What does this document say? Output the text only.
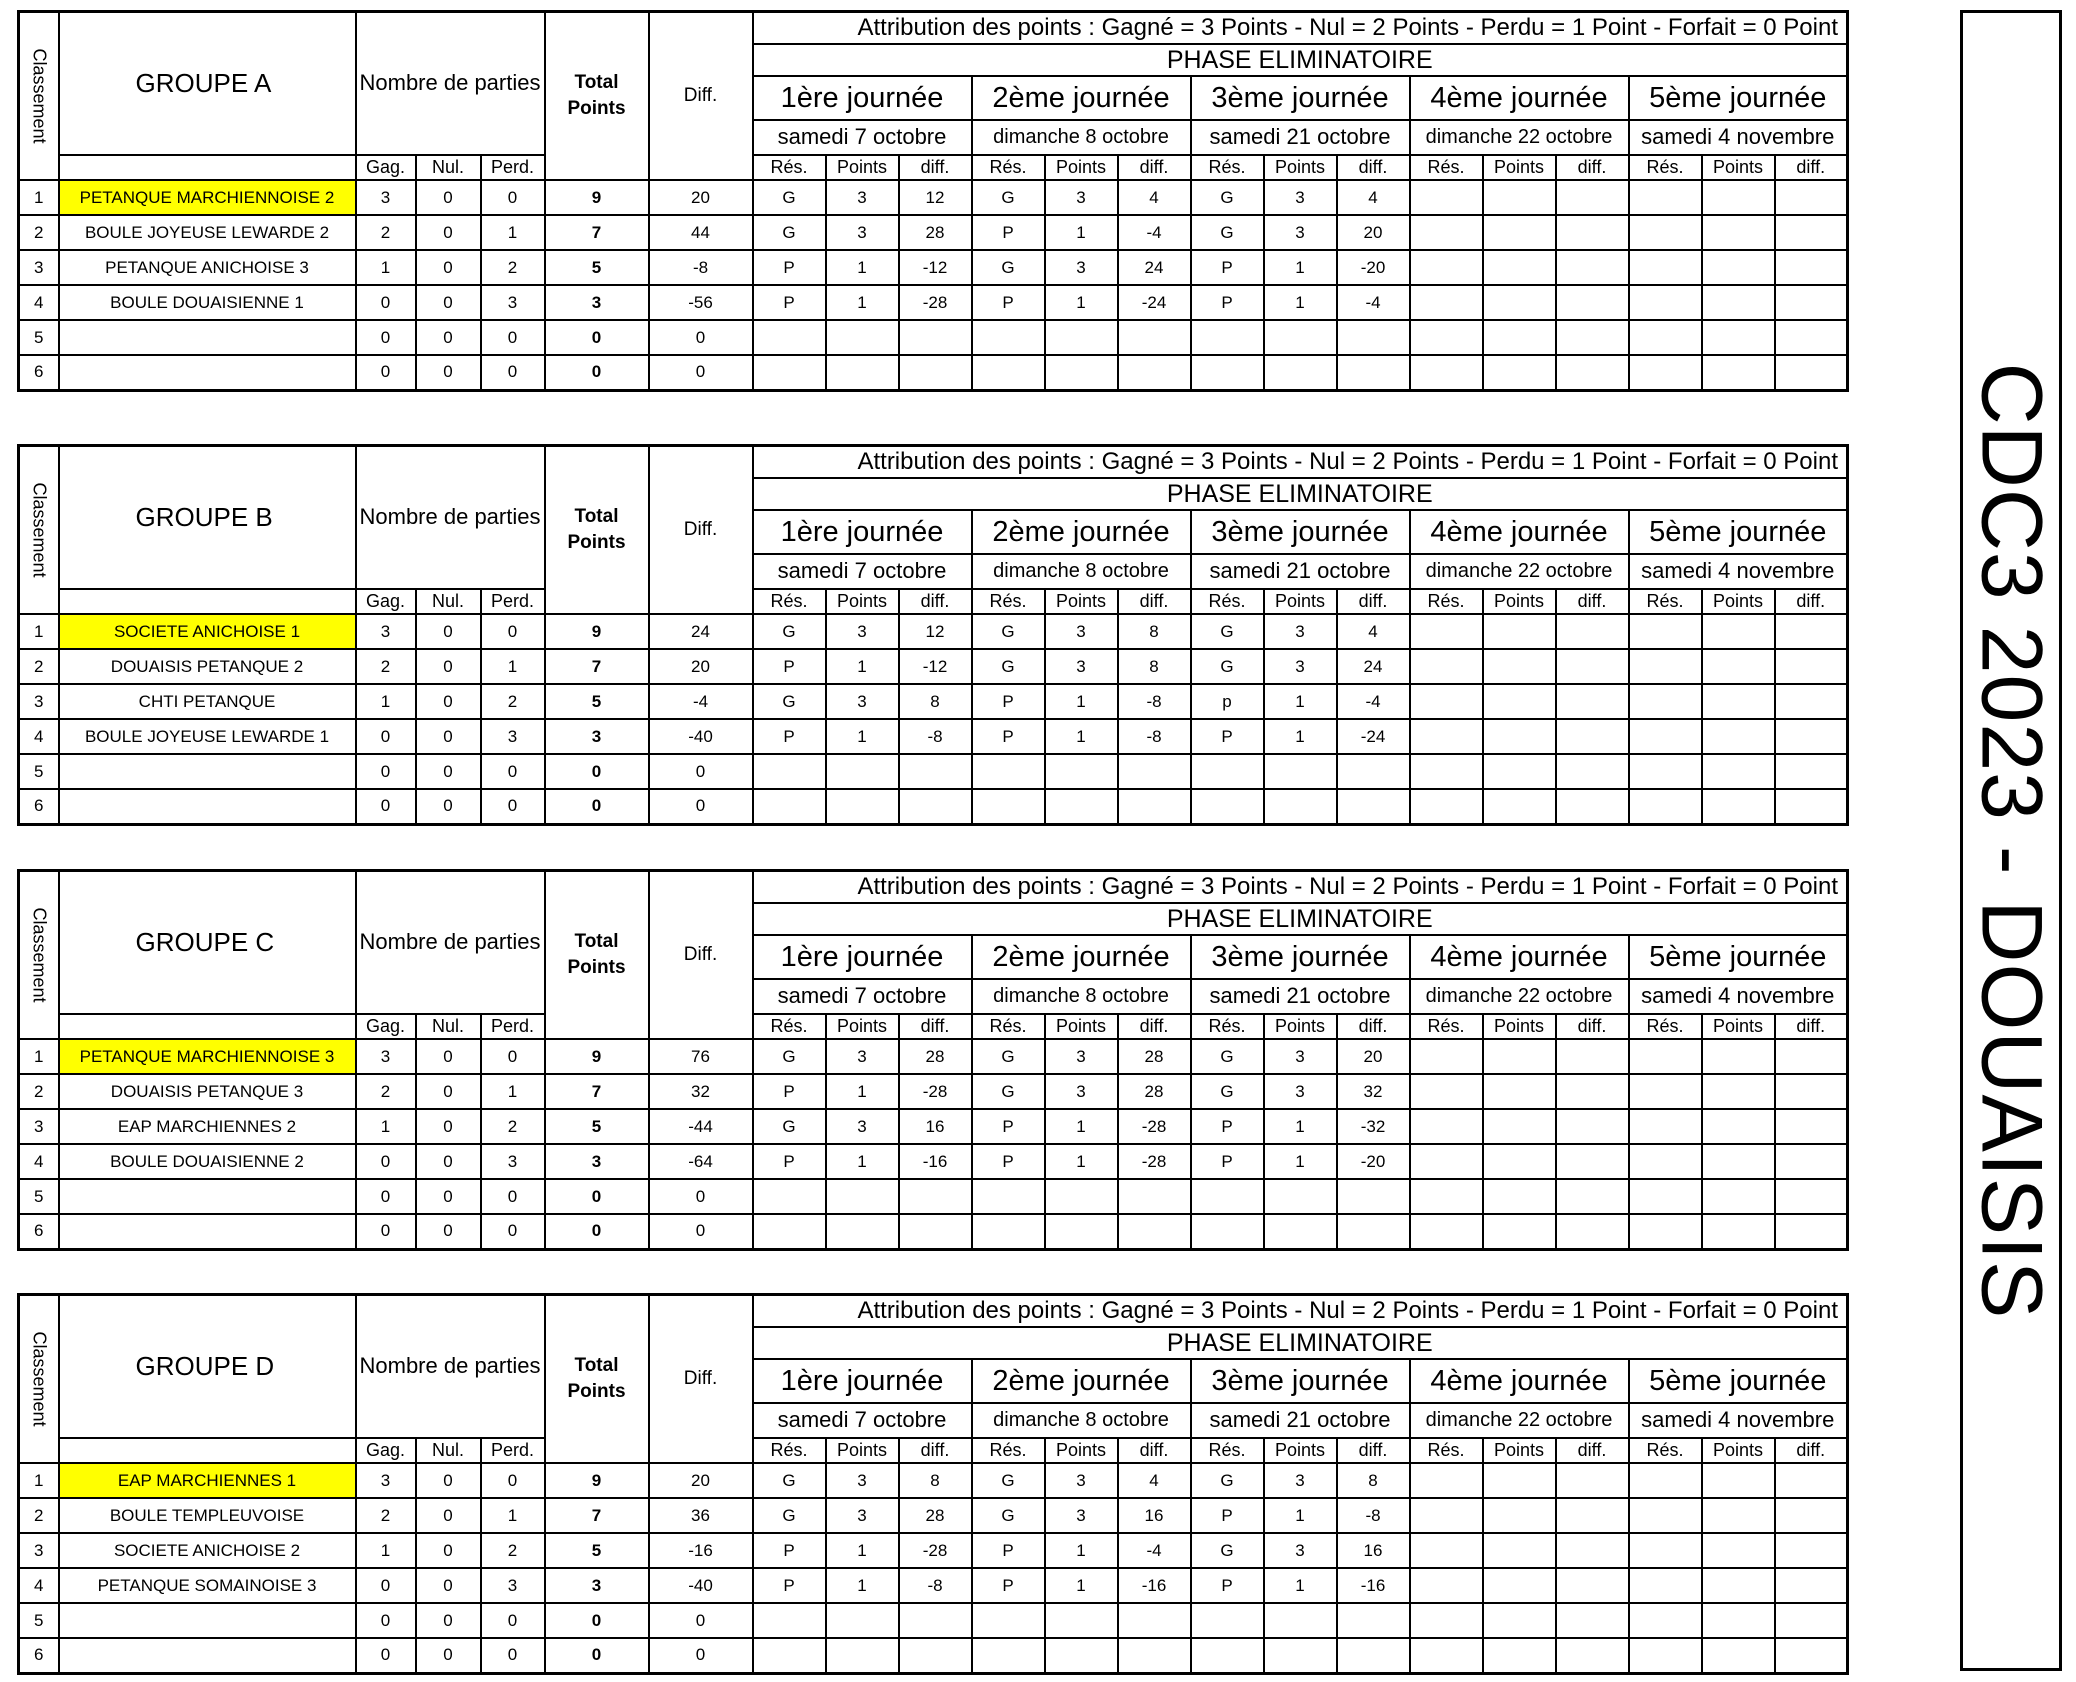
Classement	GROUPE A	Nombre de parties			Total Points	Diff.	Attribution des points : Gagné = 3 Points - Nul = 2 Points - Perdu = 1 Point - Forfait = 0 Point														
							PHASE ELIMINATOIRE														
							1ère journée			2ème journée			3ème journée			4ème journée			5ème journée		
							samedi 7 octobre			dimanche 8 octobre			samedi 21 octobre			dimanche 22 octobre			samedi 4 novembre		
		Gag.	Nul.	Perd.			Rés.	Points	diff.	Rés.	Points	diff.	Rés.	Points	diff.	Rés.	Points	diff.	Rés.	Points	diff.
1	PETANQUE MARCHIENNOISE 2	3	0	0	9	20	G	3	12	G	3	4	G	3	4						
2	BOULE JOYEUSE LEWARDE 2	2	0	1	7	44	G	3	28	P	1	-4	G	3	20						
3	PETANQUE ANICHOISE 3	1	0	2	5	-8	P	1	-12	G	3	24	P	1	-20						
4	BOULE DOUAISIENNE 1	0	0	3	3	-56	P	1	-28	P	1	-24	P	1	-4						
5		0	0	0	0	0															
6		0	0	0	0	0															
Classement	GROUPE B	Nombre de parties			Total Points	Diff.	Attribution des points : Gagné = 3 Points - Nul = 2 Points - Perdu = 1 Point - Forfait = 0 Point														
							PHASE ELIMINATOIRE														
							1ère journée			2ème journée			3ème journée			4ème journée			5ème journée		
							samedi 7 octobre			dimanche 8 octobre			samedi 21 octobre			dimanche 22 octobre			samedi 4 novembre		
		Gag.	Nul.	Perd.			Rés.	Points	diff.	Rés.	Points	diff.	Rés.	Points	diff.	Rés.	Points	diff.	Rés.	Points	diff.
1	SOCIETE ANICHOISE 1	3	0	0	9	24	G	3	12	G	3	8	G	3	4						
2	DOUAISIS PETANQUE 2	2	0	1	7	20	P	1	-12	G	3	8	G	3	24						
3	CHTI PETANQUE	1	0	2	5	-4	G	3	8	P	1	-8	p	1	-4						
4	BOULE JOYEUSE LEWARDE 1	0	0	3	3	-40	P	1	-8	P	1	-8	P	1	-24						
5		0	0	0	0	0															
6		0	0	0	0	0															
Classement	GROUPE C	Nombre de parties			Total Points	Diff.	Attribution des points : Gagné = 3 Points - Nul = 2 Points - Perdu = 1 Point - Forfait = 0 Point														
							PHASE ELIMINATOIRE														
							1ère journée			2ème journée			3ème journée			4ème journée			5ème journée		
							samedi 7 octobre			dimanche 8 octobre			samedi 21 octobre			dimanche 22 octobre			samedi 4 novembre		
		Gag.	Nul.	Perd.			Rés.	Points	diff.	Rés.	Points	diff.	Rés.	Points	diff.	Rés.	Points	diff.	Rés.	Points	diff.
1	PETANQUE MARCHIENNOISE 3	3	0	0	9	76	G	3	28	G	3	28	G	3	20						
2	DOUAISIS PETANQUE 3	2	0	1	7	32	P	1	-28	G	3	28	G	3	32						
3	EAP MARCHIENNES 2	1	0	2	5	-44	G	3	16	P	1	-28	P	1	-32						
4	BOULE DOUAISIENNE 2	0	0	3	3	-64	P	1	-16	P	1	-28	P	1	-20						
5		0	0	0	0	0															
6		0	0	0	0	0															
Classement	GROUPE D	Nombre de parties			Total Points	Diff.	Attribution des points : Gagné = 3 Points - Nul = 2 Points - Perdu = 1 Point - Forfait = 0 Point														
							PHASE ELIMINATOIRE														
							1ère journée			2ème journée			3ème journée			4ème journée			5ème journée		
							samedi 7 octobre			dimanche 8 octobre			samedi 21 octobre			dimanche 22 octobre			samedi 4 novembre		
		Gag.	Nul.	Perd.			Rés.	Points	diff.	Rés.	Points	diff.	Rés.	Points	diff.	Rés.	Points	diff.	Rés.	Points	diff.
1	EAP MARCHIENNES 1	3	0	0	9	20	G	3	8	G	3	4	G	3	8						
2	BOULE TEMPLEUVOISE	2	0	1	7	36	G	3	28	G	3	16	P	1	-8						
3	SOCIETE ANICHOISE 2	1	0	2	5	-16	P	1	-28	P	1	-4	G	3	16						
4	PETANQUE SOMAINOISE 3	0	0	3	3	-40	P	1	-8	P	1	-16	P	1	-16						
5		0	0	0	0	0															
6		0	0	0	0	0															
CDC3 2023 - DOUAISIS
